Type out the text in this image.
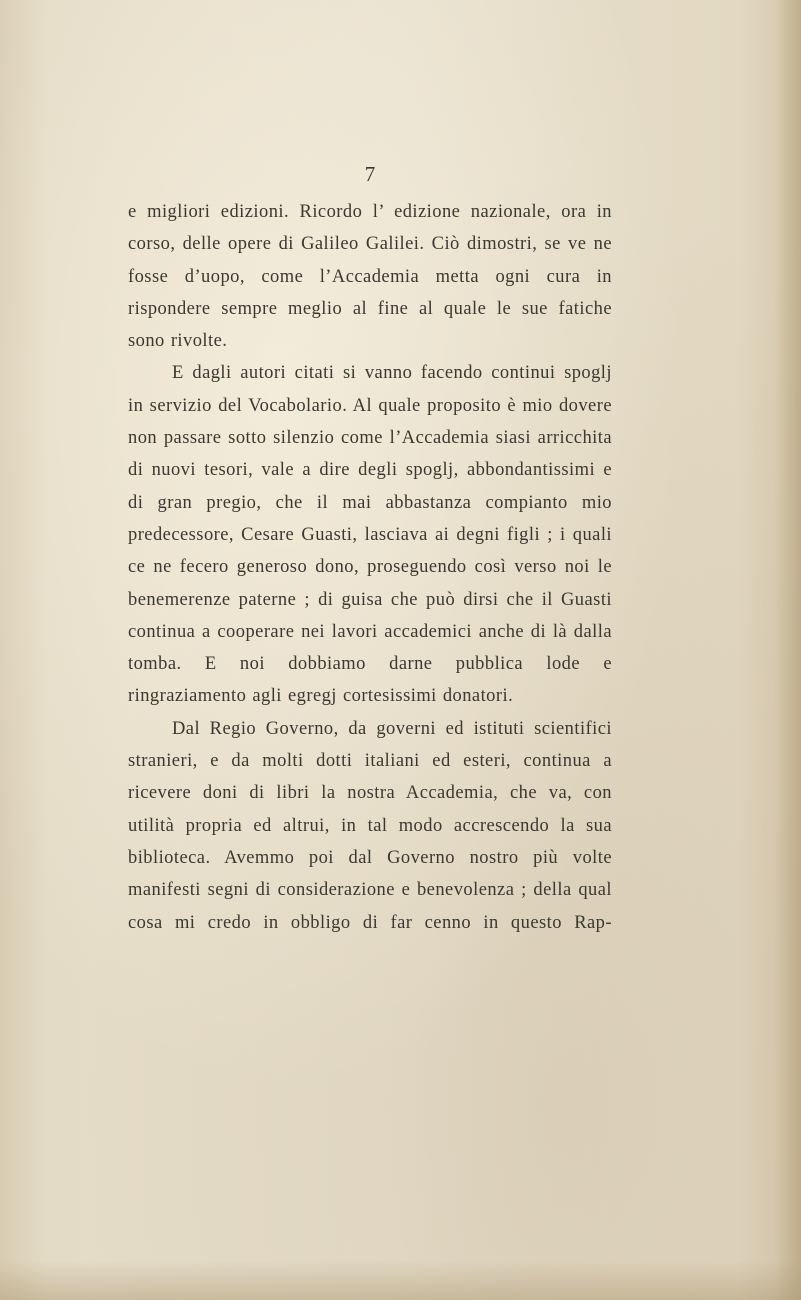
7

e migliori edizioni. Ricordo l’ edizione nazionale, ora in corso, delle opere di Galileo Galilei. Ciò dimostri, se ve ne fosse d’uopo, come l’Accademia metta ogni cura in rispondere sempre meglio al fine al quale le sue fatiche sono rivolte.

E dagli autori citati si vanno facendo continui spoglj in servizio del Vocabolario. Al quale proposito è mio dovere non passare sotto silenzio come l’Accademia siasi arricchita di nuovi tesori, vale a dire degli spoglj, abbondantissimi e di gran pregio, che il mai abbastanza compianto mio predecessore, Cesare Guasti, lasciava ai degni figli ; i quali ce ne fecero generoso dono, proseguendo così verso noi le benemerenze paterne ; di guisa che può dirsi che il Guasti continua a cooperare nei lavori accademici anche di là dalla tomba. E noi dobbiamo darne pubblica lode e ringraziamento agli egregj cortesissimi donatori.

Dal Regio Governo, da governi ed istituti scientifici stranieri, e da molti dotti italiani ed esteri, continua a ricevere doni di libri la nostra Accademia, che va, con utilità propria ed altrui, in tal modo accrescendo la sua biblioteca. Avemmo poi dal Governo nostro più volte manifesti segni di considerazione e benevolenza ; della qual cosa mi credo in obbligo di far cenno in questo Rap-
